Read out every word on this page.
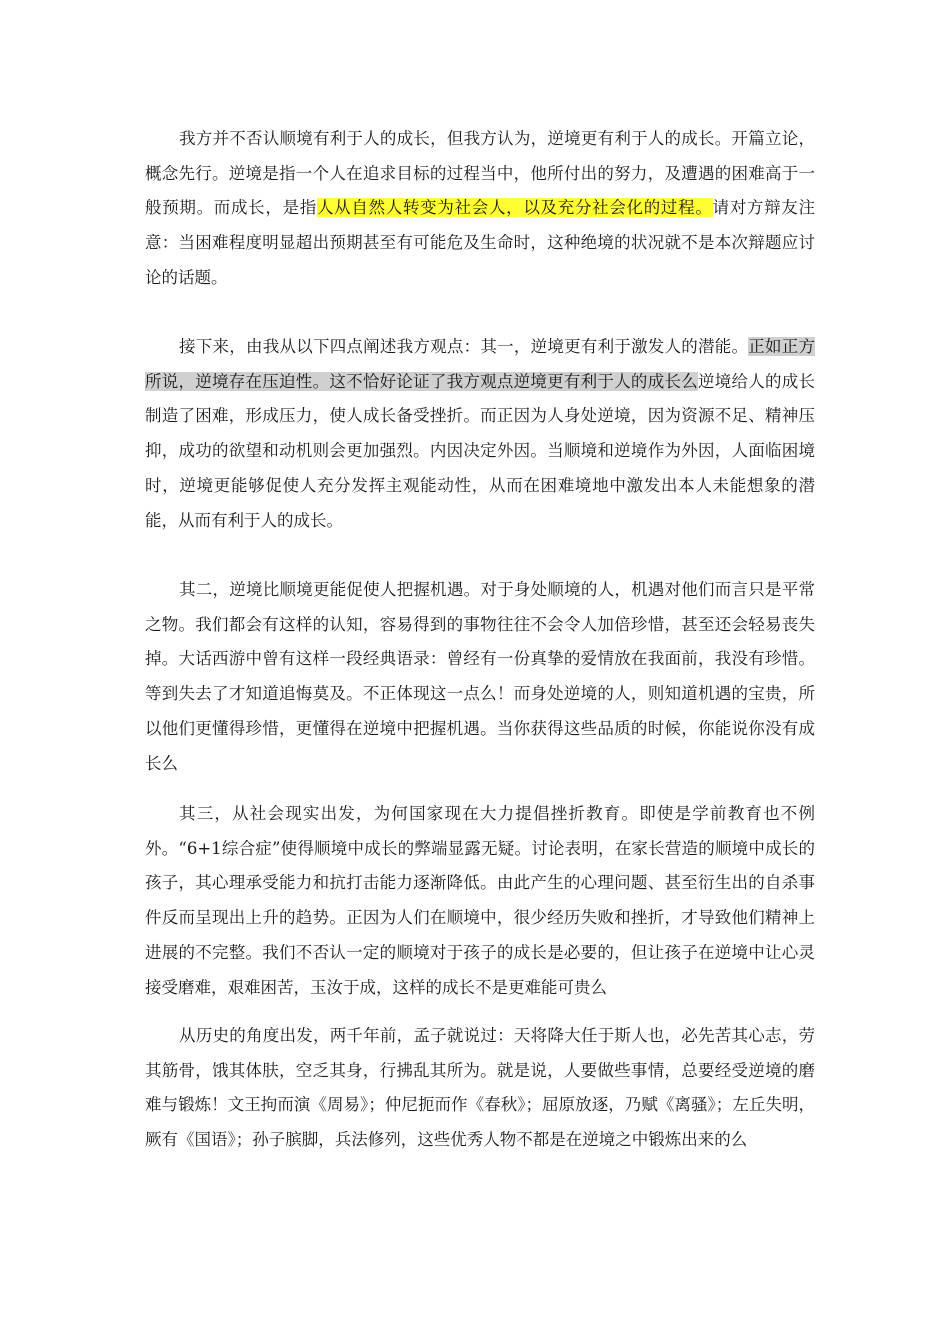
我方并不否认顺境有利于人的成长，但我方认为，逆境更有利于人的成长。开篇立论，概念先行。逆境是指一个人在追求目标的过程当中，他所付出的努力，及遭遇的困难高于一般预期。而成长，是指人从自然人转变为社会人，以及充分社会化的过程。请对方辩友注意：当困难程度明显超出预期甚至有可能危及生命时，这种绝境的状况就不是本次辩题应讨论的话题。

接下来，由我从以下四点阐述我方观点：其一，逆境更有利于激发人的潜能。正如正方所说，逆境存在压迫性。这不恰好论证了我方观点逆境更有利于人的成长么逆境给人的成长制造了困难，形成压力，使人成长备受挫折。而正因为人身处逆境，因为资源不足、精神压抑，成功的欲望和动机则会更加强烈。内因决定外因。当顺境和逆境作为外因，人面临困境时，逆境更能够促使人充分发挥主观能动性，从而在困难境地中激发出本人未能想象的潜能，从而有利于人的成长。

其二，逆境比顺境更能促使人把握机遇。对于身处顺境的人，机遇对他们而言只是平常之物。我们都会有这样的认知，容易得到的事物往往不会令人加倍珍惜，甚至还会轻易丧失掉。大话西游中曾有这样一段经典语录：曾经有一份真挚的爱情放在我面前，我没有珍惜。等到失去了才知道追悔莫及。不正体现这一点么！而身处逆境的人，则知道机遇的宝贵，所以他们更懂得珍惜，更懂得在逆境中把握机遇。当你获得这些品质的时候，你能说你没有成长么

其三，从社会现实出发，为何国家现在大力提倡挫折教育。即使是学前教育也不例外。“6+1综合症”使得顺境中成长的弊端显露无疑。讨论表明，在家长营造的顺境中成长的孩子，其心理承受能力和抗打击能力逐渐降低。由此产生的心理问题、甚至衍生出的自杀事件反而呈现出上升的趋势。正因为人们在顺境中，很少经历失败和挫折，才导致他们精神上进展的不完整。我们不否认一定的顺境对于孩子的成长是必要的，但让孩子在逆境中让心灵接受磨难，艰难困苦，玉汝于成，这样的成长不是更难能可贵么

从历史的角度出发，两千年前，孟子就说过：天将降大任于斯人也，必先苦其心志，劳其筋骨，饿其体肤，空乏其身，行拂乱其所为。就是说，人要做些事情，总要经受逆境的磨难与锻炼！文王拘而演《周易》；仲尼扼而作《春秋》；屈原放逐，乃赋《离骚》；左丘失明，厥有《国语》；孙子膑脚，兵法修列，这些优秀人物不都是在逆境之中锻炼出来的么
